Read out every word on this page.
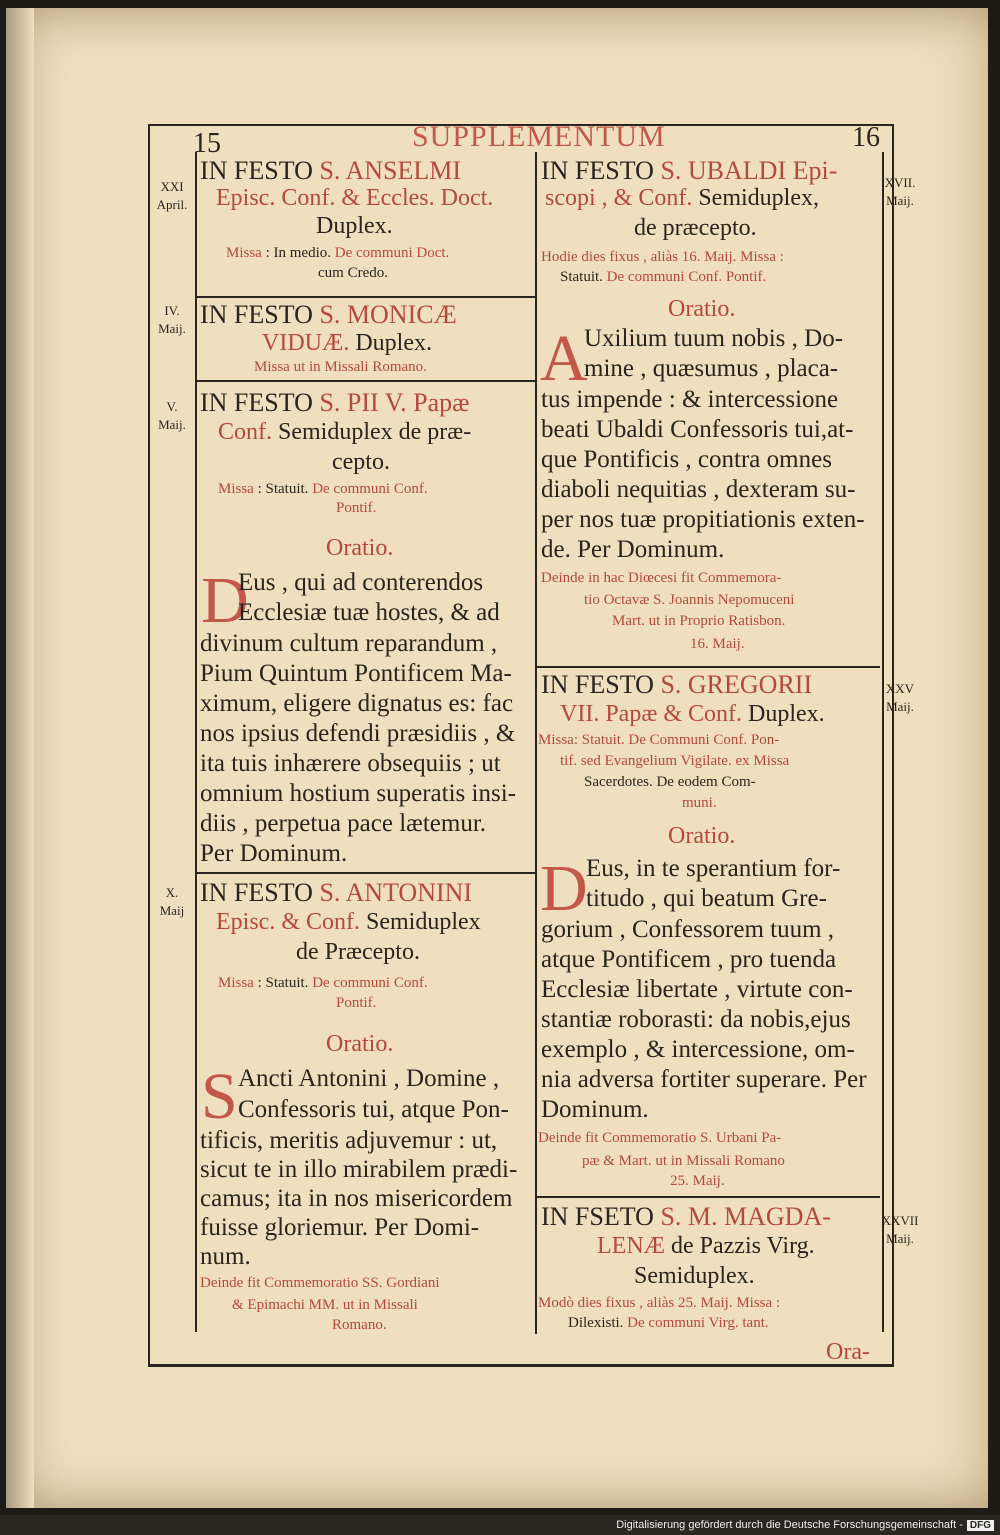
15	SUPPLEMENTUM	16
XXI
April.
IV.
Maij.
V.
Maij.
X.
Maij
XVII.
Maij.
XXV
Maij.
XXVII
Maij.
IN FESTO S. ANSELMI
Episc. Conf. & Eccles. Doct.
Duplex.
Missa : In medio. De communi Doct.
cum Credo.
IN FESTO S. MONICÆ
VIDUÆ. Duplex.
Missa ut in Missali Romano.
IN FESTO S. PII V. Papæ
Conf. Semiduplex de præ-
cepto.
Missa : Statuit. De communi Conf.
Pontif.
Oratio.
D
Eus , qui ad conterendos
Ecclesiæ tuæ hostes, & ad
divinum cultum reparandum ,
Pium Quintum Pontificem Ma-
ximum, eligere dignatus es: fac
nos ipsius defendi præsidiis , &
ita tuis inhærere obsequiis ; ut
omnium hostium superatis insi-
diis , perpetua pace lætemur.
Per Dominum.
IN FESTO S. ANTONINI
Episc. & Conf. Semiduplex
de Præcepto.
Missa : Statuit. De communi Conf.
Pontif.
Oratio.
S Ancti Antonini , Domine ,
Confessoris tui, atque Pon-
tificis, meritis adjuvemur : ut,
sicut te in illo mirabilem prædi-
camus; ita in nos misericordem
fuisse gloriemur. Per Domi-
num.
Deinde fit Commemoratio SS. Gordiani
& Epimachi MM. ut in Missali
Romano.
IN FESTO S. UBALDI Epi-
scopi , & Conf. Semiduplex,
de præcepto.
Hodie dies fixus , aliàs 16. Maij. Missa :
Statuit. De communi Conf. Pontif.
Oratio.
A
Uxilium tuum nobis , Do-
mine , quæsumus , placa-
tus impende : & intercessione
beati Ubaldi Confessoris tui,at-
que Pontificis , contra omnes
diaboli nequitias , dexteram su-
per nos tuæ propitiationis exten-
de. Per Dominum.
Deinde in hac Diœcesi fit Commemora-
tio Octavæ S. Joannis Nepomuceni
Mart. ut in Proprio Ratisbon.
16. Maij.
IN FESTO S. GREGORII
VII. Papæ & Conf. Duplex.
Missa: Statuit. De Communi Conf. Pon-
tif. sed Evangelium Vigilate. ex Missa
Sacerdotes. De eodem Com-
muni.
Oratio.
D
Eus, in te sperantium for-
titudo , qui beatum Gre-
gorium , Confessorem tuum ,
atque Pontificem , pro tuenda
Ecclesiæ libertate , virtute con-
stantiæ roborasti: da nobis,ejus
exemplo , & intercessione, om-
nia adversa fortiter superare. Per
Dominum.
Deinde fit Commemoratio S. Urbani Pa-
pæ & Mart. ut in Missali Romano
25. Maij.
IN FSETO S. M. MAGDA-
LENÆ de Pazzis Virg.
Semiduplex.
Modò dies fixus , aliàs 25. Maij. Missa :
Dilexisti. De communi Virg. tant.
Ora-
Digitalisierung gefördert durch die Deutsche Forschungsgemeinschaft - DFG
